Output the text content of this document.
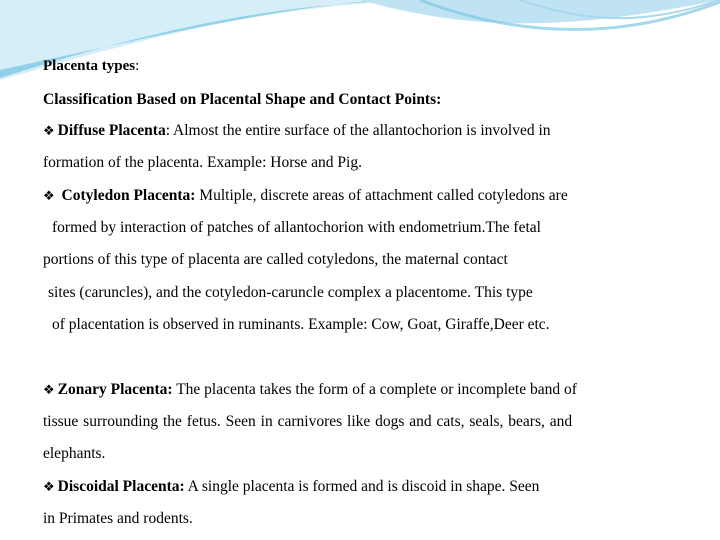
Placenta types:
Classification Based on Placental Shape and Contact Points:
❖ Diffuse Placenta: Almost the entire surface of the allantochorion is involved in
formation of the placenta. Example: Horse and Pig.
❖ Cotyledon Placenta: Multiple, discrete areas of attachment called cotyledons are
formed by interaction of patches of allantochorion with endometrium.The fetal
portions of this type of placenta are called cotyledons, the maternal contact
sites (caruncles), and the cotyledon-caruncle complex a placentome. This type
of placentation is observed in ruminants. Example: Cow, Goat, Giraffe,Deer etc.
❖ Zonary Placenta: The placenta takes the form of a complete or incomplete band of
tissue surrounding the fetus. Seen in carnivores like dogs and cats, seals, bears, and
elephants.
❖ Discoidal Placenta: A single placenta is formed and is discoid in shape. Seen
in Primates and rodents.
